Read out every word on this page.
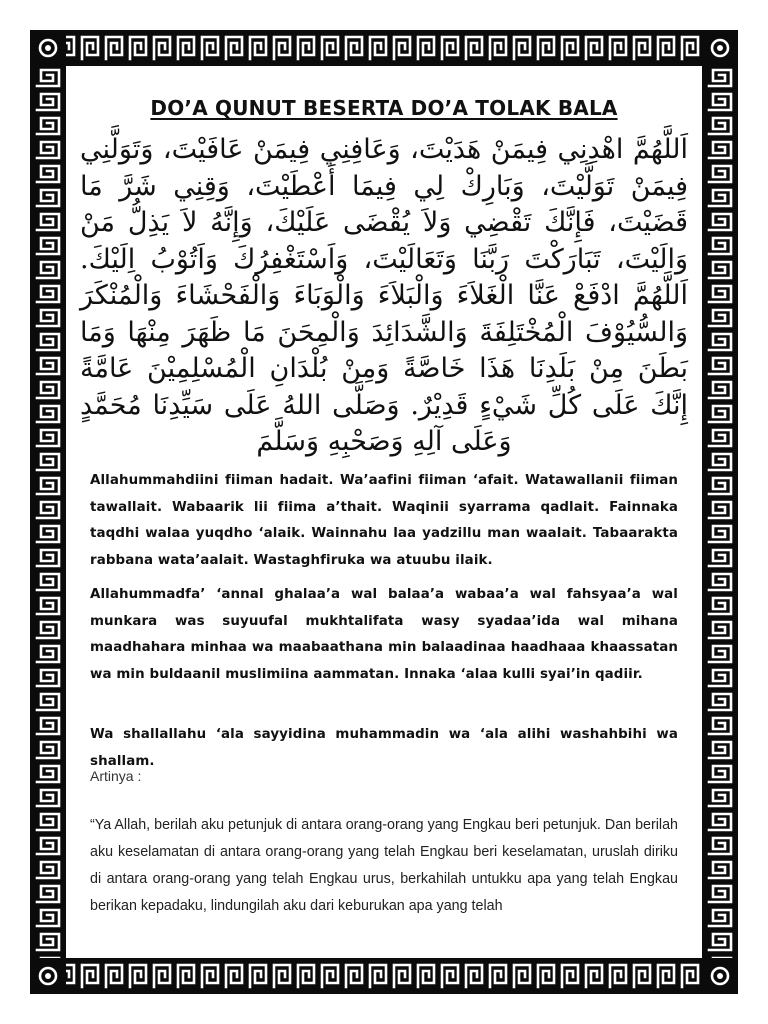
DO’A QUNUT BESERTA DO’A TOLAK BALA

اَللَّهُمَّ اهْدِنِي فِيمَنْ هَدَيْتَ، وَعَافِنِي فِيمَنْ عَافَيْتَ، وَتَوَلَّنِي فِيمَنْ تَوَلَّيْتَ، وَبَارِكْ لِي فِيمَا أَعْطَيْتَ، وَقِنِي شَرَّ مَا قَضَيْتَ، فَإِنَّكَ تَقْضِي وَلاَ يُقْضَى عَلَيْكَ، وَإِنَّهُ لاَ يَذِلُّ مَنْ وَالَيْتَ، تَبَارَكْتَ رَبَّنَا وَتَعَالَيْتَ، وَاَسْتَغْفِرُكَ وَاَتُوْبُ اِلَيْكَ. اَللَّهُمَّ ادْفَعْ عَنَّا الْغَلاَءَ وَالْبَلاَءَ وَالْوَبَاءَ وَالْفَحْشَاءَ وَالْمُنْكَرَ وَالسُّيُوْفَ الْمُخْتَلِفَةَ وَالشَّدَائِدَ وَالْمِحَنَ مَا ظَهَرَ مِنْهَا وَمَا بَطَنَ مِنْ بَلَدِنَا هَذَا خَاصَّةً وَمِنْ بُلْدَانِ الْمُسْلِمِيْنَ عَامَّةً إِنَّكَ عَلَى كُلِّ شَيْءٍ قَدِيْرٌ. وَصَلَّى اللهُ عَلَى سَيِّدِنَا مُحَمَّدٍ وَعَلَى آلِهِ وَصَحْبِهِ وَسَلَّمَ

Allahummahdiini fiiman hadait. Wa’aafini fiiman ‘afait. Watawallanii fiiman tawallait. Wabaarik lii fiima a’thait. Waqinii syarrama qadlait. Fainnaka taqdhi walaa yuqdho ‘alaik. Wainnahu laa yadzillu man waalait. Tabaarakta rabbana wata’aalait. Wastaghfiruka wa atuubu ilaik.

Allahummadfa’ ‘annal ghalaa’a wal balaa’a wabaa’a wal fahsyaa’a wal munkara was suyuufal mukhtalifata wasy syadaa’ida wal mihana maadhahara minhaa wa maabaathana min balaadinaa haadhaaa khaassatan wa min buldaanil muslimiina aammatan. Innaka ‘alaa kulli syai’in qadiir.

Wa shallallahu ‘ala sayyidina muhammadin wa ‘ala alihi washahbihi wa shallam.

Artinya :

“Ya Allah, berilah aku petunjuk di antara orang-orang yang Engkau beri petunjuk. Dan berilah aku keselamatan di antara orang-orang yang telah Engkau beri keselamatan, uruslah diriku di antara orang-orang yang telah Engkau urus, berkahilah untukku apa yang telah Engkau berikan kepadaku, lindungilah aku dari keburukan apa yang telah
